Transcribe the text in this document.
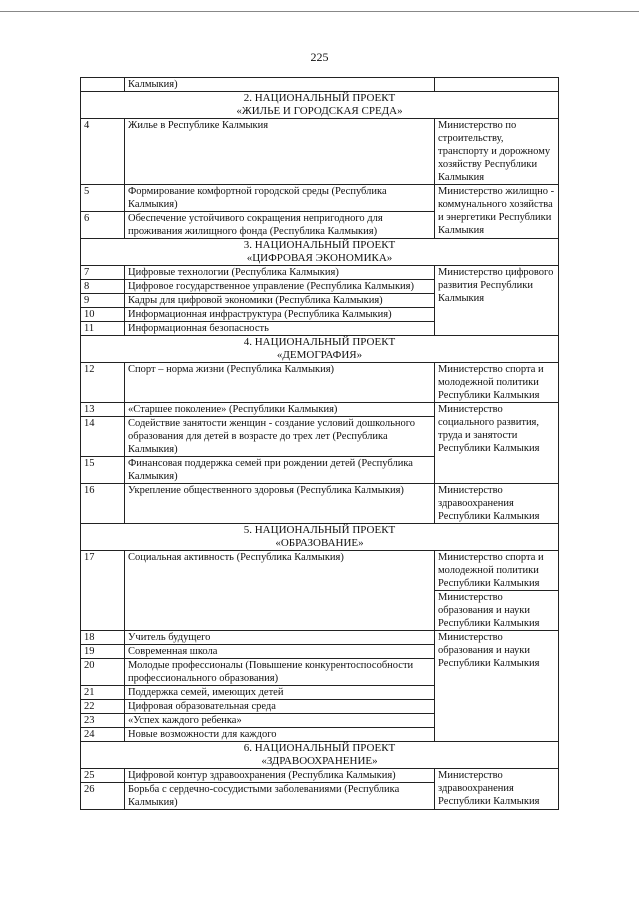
225
	Калмыкия)	

2. НАЦИОНАЛЬНЫЙ ПРОЕКТ
«ЖИЛЬЕ И ГОРОДСКАЯ СРЕДА»		

4	Жилье в Республике Калмыкия	Министерство по строительству, транспорту и дорожному хозяйству Республики Калмыкия
5	Формирование комфортной городской среды (Республика Калмыкия)	Министерство жилищно - коммунального хозяйства и энергетики Республики Калмыкия
6	Обеспечение устойчивого сокращения непригодного для проживания жилищного фонда (Республика Калмыкия)	

3. НАЦИОНАЛЬНЫЙ ПРОЕКТ
«ЦИФРОВАЯ ЭКОНОМИКА»		

7	Цифровые технологии (Республика Калмыкия)	Министерство цифрового развития Республики Калмыкия
8	Цифровое государственное управление (Республика Калмыкия)	
9	Кадры для цифровой экономики (Республика Калмыкия)	
10	Информационная инфраструктура (Республика Калмыкия)	
11	Информационная безопасность	

4. НАЦИОНАЛЬНЫЙ ПРОЕКТ
«ДЕМОГРАФИЯ»		

12	Спорт – норма жизни (Республика Калмыкия)	Министерство спорта и молодежной политики Республики Калмыкия
13	«Старшее поколение» (Республики Калмыкия)	Министерство социального развития, труда и занятости Республики Калмыкия
14	Содействие занятости женщин - создание условий дошкольного образования для детей в возрасте до трех лет (Республика Калмыкия)	
15	Финансовая поддержка семей при рождении детей (Республика Калмыкия)	
16	Укрепление общественного здоровья (Республика Калмыкия)	Министерство здравоохранения Республики Калмыкия

5. НАЦИОНАЛЬНЫЙ ПРОЕКТ
«ОБРАЗОВАНИЕ»		

17	Социальная активность (Республика Калмыкия)	Министерство спорта и молодежной политики Республики Калмыкия
		Министерство образования и науки Республики Калмыкия
18	Учитель будущего	Министерство образования и науки Республики Калмыкия
19	Современная школа	
20	Молодые профессионалы (Повышение конкурентоспособности профессионального образования)	
21	Поддержка семей, имеющих детей	
22	Цифровая образовательная среда	
23	«Успех каждого ребенка»	
24	Новые возможности для каждого	

6. НАЦИОНАЛЬНЫЙ ПРОЕКТ
«ЗДРАВООХРАНЕНИЕ»		

25	Цифровой контур здравоохранения (Республика Калмыкия)	Министерство здравоохранения Республики Калмыкия
26	Борьба с сердечно-сосудистыми заболеваниями (Республика Калмыкия)	
